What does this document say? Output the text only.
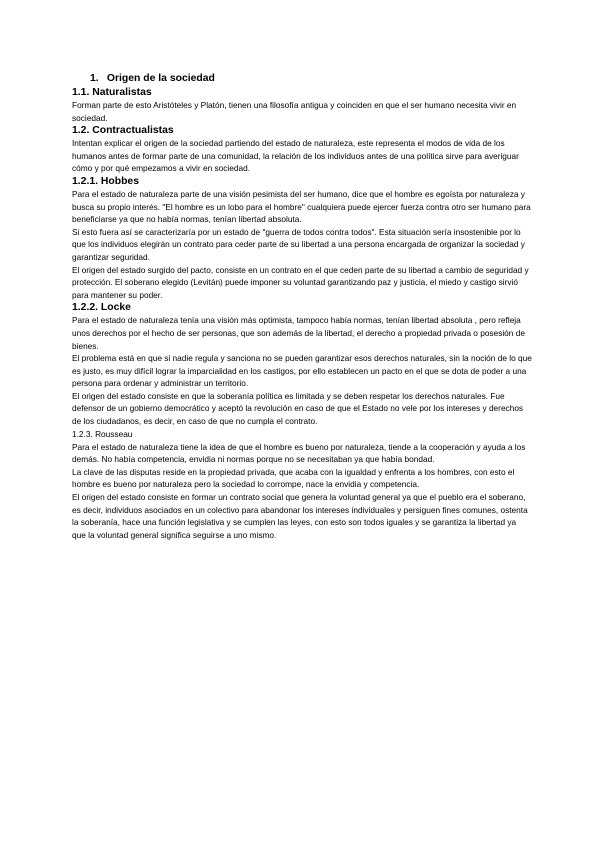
1. Origen de la sociedad
1.1. Naturalistas

Forman parte de esto Aristóteles y Platón, tienen una filosofía antigua y coinciden en que el ser humano necesita vivir en sociedad.

1.2. Contractualistas

Intentan explicar el origen de la sociedad partiendo del estado de naturaleza, este representa el modos de vida de los humanos antes de formar parte de una comunidad, la relación de los individuos antes de una política sirve para averiguar cómo y por qué empezamos a vivir en sociedad.

1.2.1. Hobbes

Para el estado de naturaleza parte de una visión pesimista del ser humano, dice que el hombre es egoísta por naturaleza y busca su propio interés. "El hombre es un lobo para el hombre" cualquiera puede ejercer fuerza contra otro ser humano para beneficiarse ya que no había normas, tenían libertad absoluta.

Si esto fuera así se caracterizaría por un estado de "guerra de todos contra todos". Esta situación sería insostenible por lo que los individuos elegirán un contrato para ceder parte de su libertad a una persona encargada de organizar la sociedad y garantizar seguridad.

El origen del estado surgido del pacto, consiste en un contrato en el que ceden parte de su libertad a cambio de seguridad y protección. El soberano elegido (Levitán) puede imponer su voluntad garantizando paz y justicia, el miedo y castigo sirvió para mantener su poder.

1.2.2. Locke

Para el estado de naturaleza tenía una visión más optimista, tampoco había normas, tenían libertad absoluta , pero refleja unos derechos por el hecho de ser personas, que son además de la libertad, el derecho a propiedad privada o posesión de bienes.

El problema está en que si nadie regula y sanciona no se pueden garantizar esos derechos naturales, sin la noción de lo que es justo, es muy difícil lograr la imparcialidad en los castigos, por ello establecen un pacto en el que se dota de poder a una persona para ordenar y administrar un territorio.

El origen del estado consiste en que la soberanía política es limitada y se deben respetar los derechos naturales. Fue defensor de un gobierno democrático y aceptó la revolución en caso de que el Estado no vele por los intereses y derechos de los ciudadanos, es decir, en caso de que no cumpla el contrato.

1.2.3. Rousseau

Para el estado de naturaleza tiene la idea de que el hombre es bueno por naturaleza, tiende a la cooperación y ayuda a los demás. No había competencia, envidia ni normas porque no se necesitaban ya que había bondad.

La clave de las disputas reside en la propiedad privada, que acaba con la igualdad y enfrenta a los hombres, con esto el hombre es bueno por naturaleza pero la sociedad lo corrompe, nace la envidia y competencia.

El origen del estado consiste en formar un contrato social que genera la voluntad general ya que el pueblo era el soberano, es decir, individuos asociados en un colectivo para abandonar los intereses individuales y persiguen fines comunes, ostenta la soberanía, hace una función legislativa y se cumplen las leyes, con esto son todos iguales y se garantiza la libertad ya que la voluntad general significa seguirse a uno mismo.
